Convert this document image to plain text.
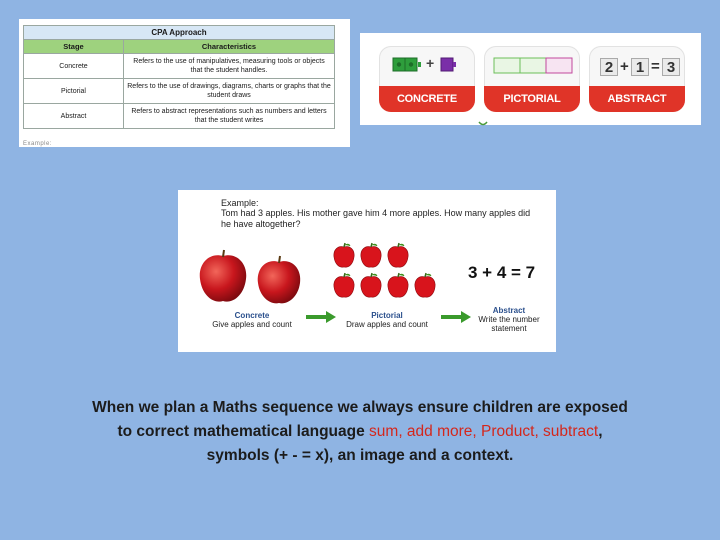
CPA Approach	
Stage	Characteristics
Concrete	Refers to the use of manipulatives, measuring tools or objects that the student handles.
Pictorial	Refers to the use of drawings, diagrams, charts or graphs that the student draws
Abstract	Refers to abstract representations such as numbers and letters that the student writes
Example:
+
CONCRETE	PICTORIAL
2 + 1 = 3
ABSTRACT
Example:
Tom had 3 apples. His mother gave him 4 more apples. How many apples did he have altogether?
3 + 4 = 7
Concrete
Give apples and count
Pictorial
Draw apples and count
Abstract
Write the number statement

When we plan a Maths sequence we always ensure children are exposed to correct mathematical language sum, add more, Product, subtract, symbols (+ - = x), an image and a context.
